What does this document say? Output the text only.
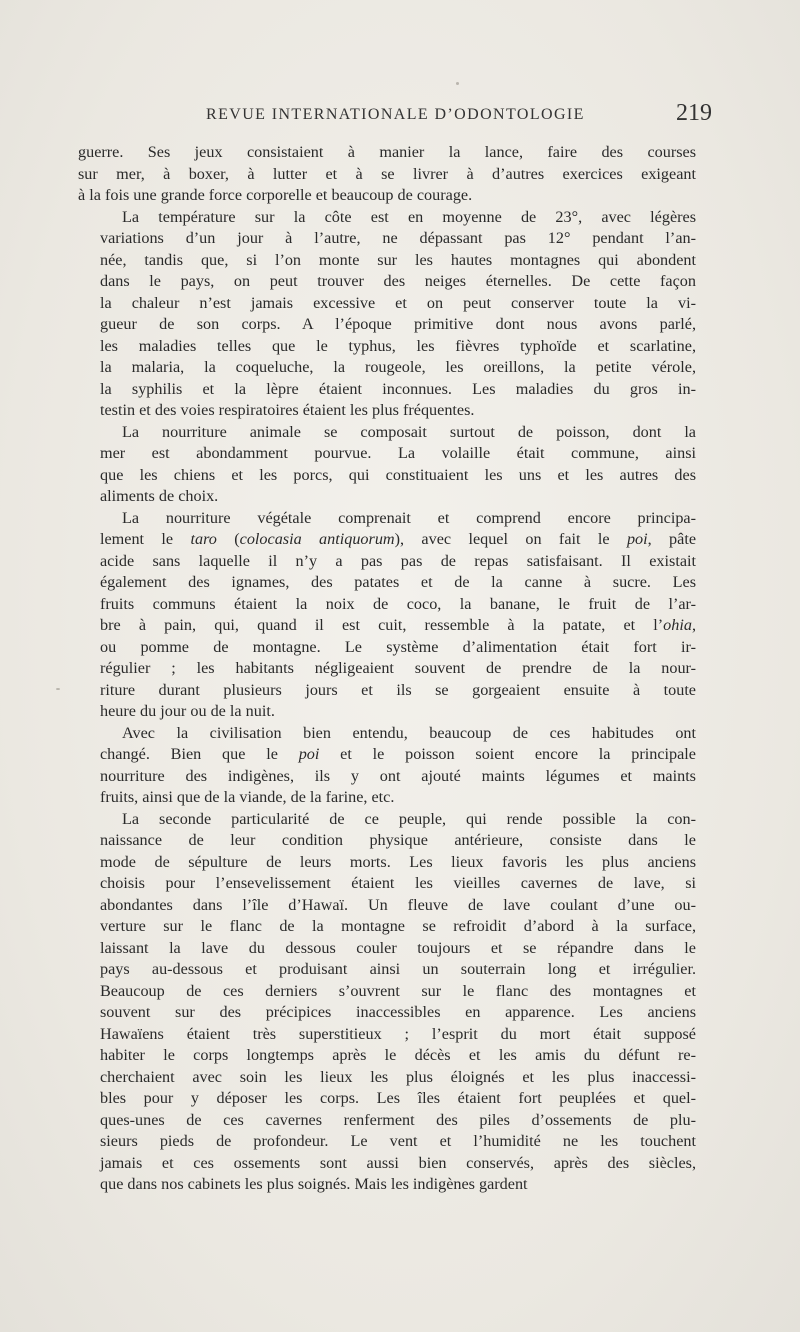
REVUE INTERNATIONALE D’ODONTOLOGIE	219

guerre. Ses jeux consistaient à manier la lance, faire des courses
sur mer, à boxer, à lutter et à se livrer à d’autres exercices exigeant
à la fois une grande force corporelle et beaucoup de courage.

La température sur la côte est en moyenne de 23°, avec légères
variations d’un jour à l’autre, ne dépassant pas 12° pendant l’an-
née, tandis que, si l’on monte sur les hautes montagnes qui abondent
dans le pays, on peut trouver des neiges éternelles. De cette façon
la chaleur n’est jamais excessive et on peut conserver toute la vi-
gueur de son corps. A l’époque primitive dont nous avons parlé,
les maladies telles que le typhus, les fièvres typhoïde et scarlatine,
la malaria, la coqueluche, la rougeole, les oreillons, la petite vérole,
la syphilis et la lèpre étaient inconnues. Les maladies du gros in-
testin et des voies respiratoires étaient les plus fréquentes.

La nourriture animale se composait surtout de poisson, dont la
mer est abondamment pourvue. La volaille était commune, ainsi
que les chiens et les porcs, qui constituaient les uns et les autres des
aliments de choix.

La nourriture végétale comprenait et comprend encore principa-
lement le taro (colocasia antiquorum), avec lequel on fait le poi, pâte
acide sans laquelle il n’y a pas pas de repas satisfaisant. Il existait
également des ignames, des patates et de la canne à sucre. Les
fruits communs étaient la noix de coco, la banane, le fruit de l’ar-
bre à pain, qui, quand il est cuit, ressemble à la patate, et l’ohia,
ou pomme de montagne. Le système d’alimentation était fort ir-
régulier ; les habitants négligeaient souvent de prendre de la nour-
riture durant plusieurs jours et ils se gorgeaient ensuite à toute
heure du jour ou de la nuit.

Avec la civilisation bien entendu, beaucoup de ces habitudes ont
changé. Bien que le poi et le poisson soient encore la principale
nourriture des indigènes, ils y ont ajouté maints légumes et maints
fruits, ainsi que de la viande, de la farine, etc.

La seconde particularité de ce peuple, qui rende possible la con-
naissance de leur condition physique antérieure, consiste dans le
mode de sépulture de leurs morts. Les lieux favoris les plus anciens
choisis pour l’ensevelissement étaient les vieilles cavernes de lave, si
abondantes dans l’île d’Hawaï. Un fleuve de lave coulant d’une ou-
verture sur le flanc de la montagne se refroidit d’abord à la surface,
laissant la lave du dessous couler toujours et se répandre dans le
pays au-dessous et produisant ainsi un souterrain long et irrégulier.
Beaucoup de ces derniers s’ouvrent sur le flanc des montagnes et
souvent sur des précipices inaccessibles en apparence. Les anciens
Hawaïens étaient très superstitieux ; l’esprit du mort était supposé
habiter le corps longtemps après le décès et les amis du défunt re-
cherchaient avec soin les lieux les plus éloignés et les plus inaccessi-
bles pour y déposer les corps. Les îles étaient fort peuplées et quel-
ques-unes de ces cavernes renferment des piles d’ossements de plu-
sieurs pieds de profondeur. Le vent et l’humidité ne les touchent
jamais et ces ossements sont aussi bien conservés, après des siècles,
que dans nos cabinets les plus soignés. Mais les indigènes gardent
